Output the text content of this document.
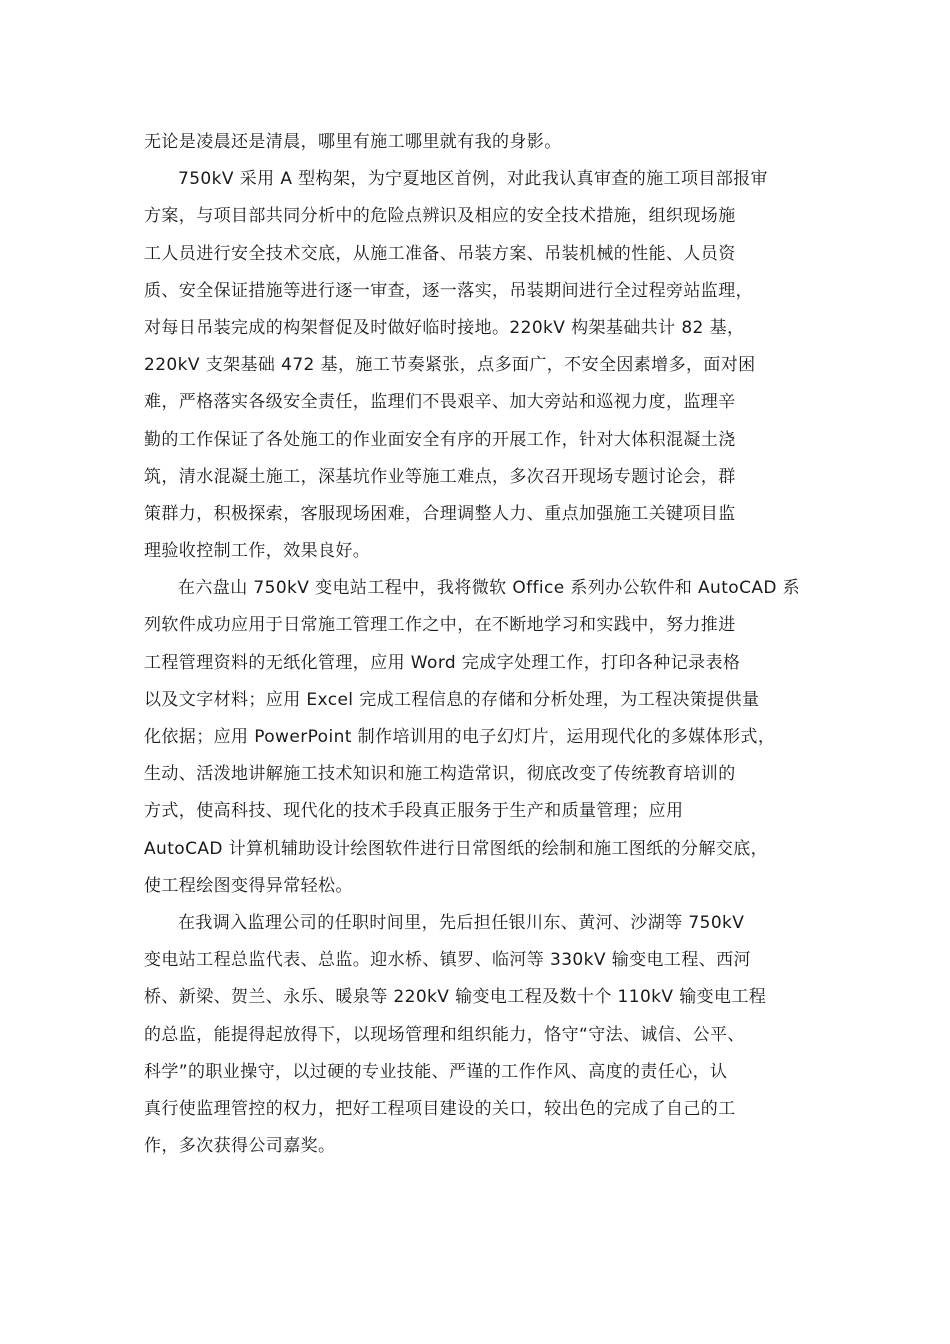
无论是凌晨还是清晨，哪里有施工哪里就有我的身影。
750kV 采用 A 型构架，为宁夏地区首例，对此我认真审查的施工项目部报审
方案，与项目部共同分析中的危险点辨识及相应的安全技术措施，组织现场施
工人员进行安全技术交底，从施工准备、吊装方案、吊装机械的性能、人员资
质、安全保证措施等进行逐一审查，逐一落实，吊装期间进行全过程旁站监理，
对每日吊装完成的构架督促及时做好临时接地。220kV 构架基础共计 82 基，
220kV 支架基础 472 基，施工节奏紧张，点多面广，不安全因素增多，面对困
难，严格落实各级安全责任，监理们不畏艰辛、加大旁站和巡视力度，监理辛
勤的工作保证了各处施工的作业面安全有序的开展工作，针对大体积混凝土浇
筑，清水混凝土施工，深基坑作业等施工难点，多次召开现场专题讨论会，群
策群力，积极探索，客服现场困难，合理调整人力、重点加强施工关键项目监
理验收控制工作，效果良好。
在六盘山 750kV 变电站工程中，我将微软 Office 系列办公软件和 AutoCAD 系
列软件成功应用于日常施工管理工作之中，在不断地学习和实践中，努力推进
工程管理资料的无纸化管理，应用 Word 完成字处理工作，打印各种记录表格
以及文字材料；应用 Excel 完成工程信息的存储和分析处理，为工程决策提供量
化依据；应用 PowerPoint 制作培训用的电子幻灯片，运用现代化的多媒体形式，
生动、活泼地讲解施工技术知识和施工构造常识，彻底改变了传统教育培训的
方式，使高科技、现代化的技术手段真正服务于生产和质量管理；应用
AutoCAD 计算机辅助设计绘图软件进行日常图纸的绘制和施工图纸的分解交底，
使工程绘图变得异常轻松。
在我调入监理公司的任职时间里，先后担任银川东、黄河、沙湖等 750kV
变电站工程总监代表、总监。迎水桥、镇罗、临河等 330kV 输变电工程、西河
桥、新梁、贺兰、永乐、暖泉等 220kV 输变电工程及数十个 110kV 输变电工程
的总监，能提得起放得下，以现场管理和组织能力，恪守“守法、诚信、公平、
科学”的职业操守，以过硬的专业技能、严谨的工作作风、高度的责任心，认
真行使监理管控的权力，把好工程项目建设的关口，较出色的完成了自己的工
作，多次获得公司嘉奖。
